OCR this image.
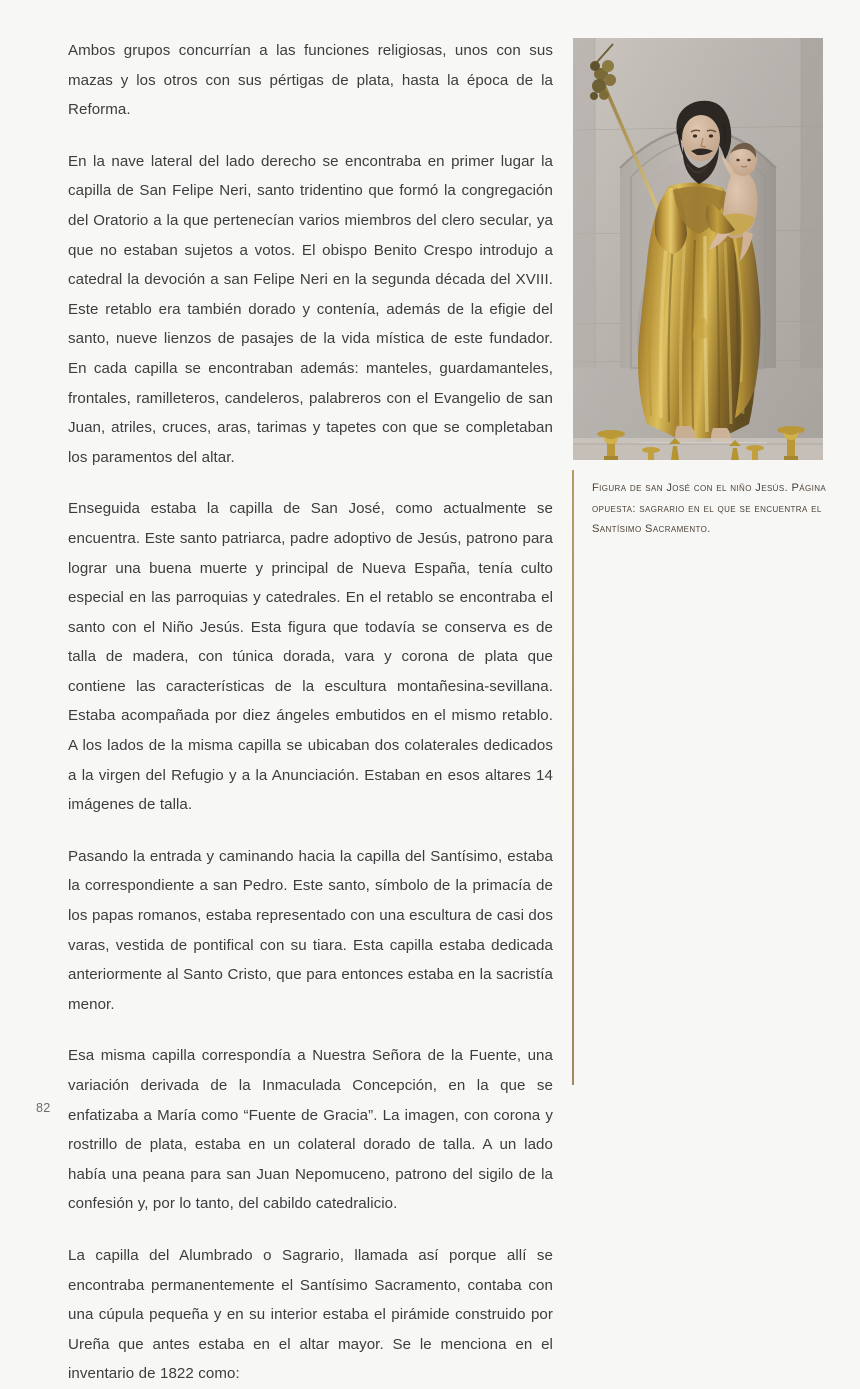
Ambos grupos concurrían a las funciones religiosas, unos con sus mazas y los otros con sus pértigas de plata, hasta la época de la Reforma.

En la nave lateral del lado derecho se encontraba en primer lugar la capilla de San Felipe Neri, santo tridentino que formó la congregación del Oratorio a la que pertenecían varios miembros del clero secular, ya que no estaban sujetos a votos. El obispo Benito Crespo introdujo a catedral la devoción a san Felipe Neri en la segunda década del XVIII. Este retablo era también dorado y contenía, además de la efigie del santo, nueve lienzos de pasajes de la vida mística de este fundador. En cada capilla se encontraban además: manteles, guardamanteles, frontales, ramilleteros, candeleros, palabreros con el Evangelio de san Juan, atriles, cruces, aras, tarimas y tapetes con que se completaban los paramentos del altar.

Enseguida estaba la capilla de San José, como actualmente se encuentra. Este santo patriarca, padre adoptivo de Jesús, patrono para lograr una buena muerte y principal de Nueva España, tenía culto especial en las parroquias y catedrales. En el retablo se encontraba el santo con el Niño Jesús. Esta figura que todavía se conserva es de talla de madera, con túnica dorada, vara y corona de plata que contiene las características de la escultura montañesina-sevillana. Estaba acompañada por diez ángeles embutidos en el mismo retablo. A los lados de la misma capilla se ubicaban dos colaterales dedicados a la virgen del Refugio y a la Anunciación. Estaban en esos altares 14 imágenes de talla.

Pasando la entrada y caminando hacia la capilla del Santísimo, estaba la correspondiente a san Pedro. Este santo, símbolo de la primacía de los papas romanos, estaba representado con una escultura de casi dos varas, vestida de pontifical con su tiara. Esta capilla estaba dedicada anteriormente al Santo Cristo, que para entonces estaba en la sacristía menor.

Esa misma capilla correspondía a Nuestra Señora de la Fuente, una variación derivada de la Inmaculada Concepción, en la que se enfatizaba a María como “Fuente de Gracia”. La imagen, con corona y rostrillo de plata, estaba en un colateral dorado de talla. A un lado había una peana para san Juan Nepomuceno, patrono del sigilo de la confesión y, por lo tanto, del cabildo catedralicio.

La capilla del Alumbrado o Sagrario, llamada así porque allí se encontraba permanentemente el Santísimo Sacramento, contaba con una cúpula pequeña y en su interior estaba el pirámide construido por Ureña que antes estaba en el altar mayor. Se le menciona en el inventario de 1822 como:

Figura de san José con el niño Jesús. Página opuesta: sagrario en el que se encuentra el Santísimo Sacramento.
82
